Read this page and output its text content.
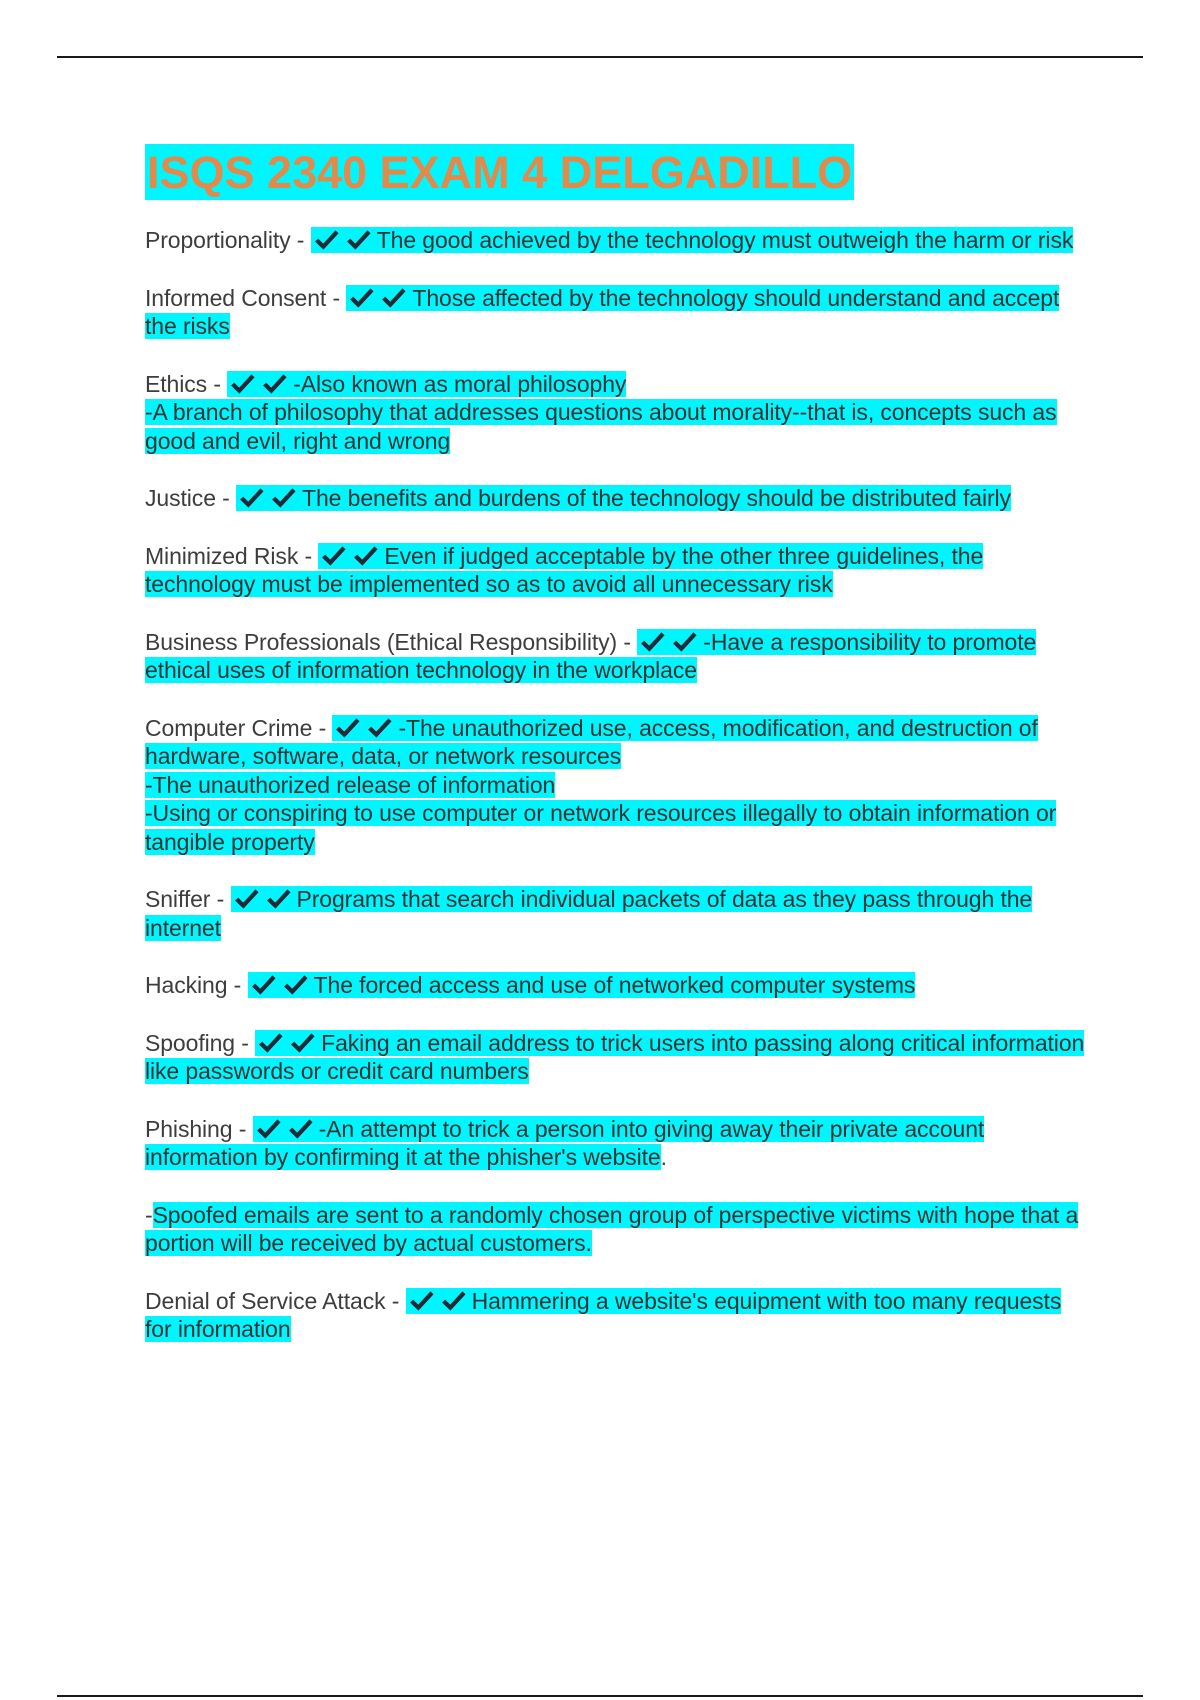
ISQS 2340 EXAM 4 DELGADILLO
Proportionality -	The good achieved by the technology must outweigh the harm or risk
Informed Consent -	Those affected by the technology should understand and accept the risks
Ethics -	-Also known as moral philosophy
-A branch of philosophy that addresses questions about morality--that is, concepts such as good and evil, right and wrong
Justice -	The benefits and burdens of the technology should be distributed fairly
Minimized Risk -	Even if judged acceptable by the other three guidelines, the technology must be implemented so as to avoid all unnecessary risk
Business Professionals (Ethical Responsibility) -	-Have a responsibility to promote ethical uses of information technology in the workplace
Computer Crime -	-The unauthorized use, access, modification, and destruction of hardware, software, data, or network resources
-The unauthorized release of information
-Using or conspiring to use computer or network resources illegally to obtain information or tangible property
Sniffer -	Programs that search individual packets of data as they pass through the internet
Hacking -	The forced access and use of networked computer systems
Spoofing -	Faking an email address to trick users into passing along critical information like passwords or credit card numbers
Phishing -	-An attempt to trick a person into giving away their private account information by confirming it at the phisher's website.
-Spoofed emails are sent to a randomly chosen group of perspective victims with hope that a portion will be received by actual customers.
Denial of Service Attack -	Hammering a website's equipment with too many requests for information
